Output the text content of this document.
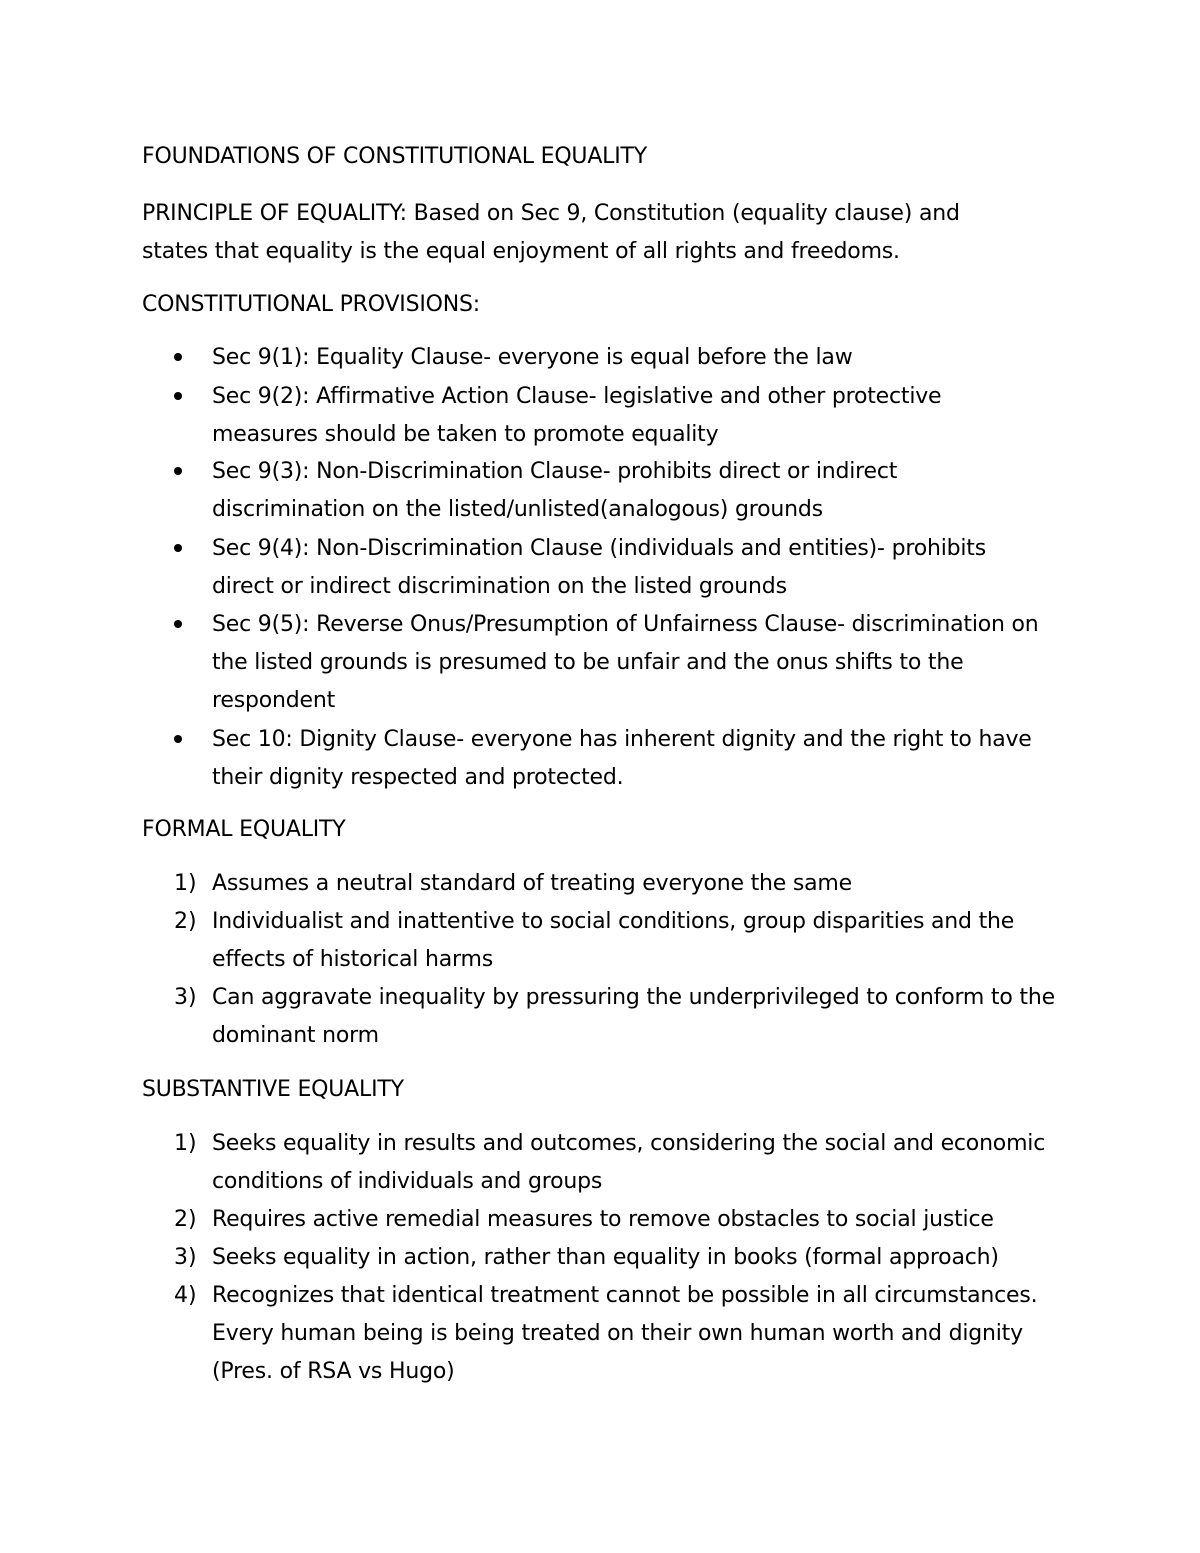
FOUNDATIONS OF CONSTITUTIONAL EQUALITY
PRINCIPLE OF EQUALITY: Based on Sec 9, Constitution (equality clause) and
states that equality is the equal enjoyment of all rights and freedoms.
CONSTITUTIONAL PROVISIONS:
Sec 9(1): Equality Clause- everyone is equal before the law
Sec 9(2): Affirmative Action Clause- legislative and other protective
measures should be taken to promote equality
Sec 9(3): Non-Discrimination Clause- prohibits direct or indirect
discrimination on the listed/unlisted(analogous) grounds
Sec 9(4): Non-Discrimination Clause (individuals and entities)- prohibits
direct or indirect discrimination on the listed grounds
Sec 9(5): Reverse Onus/Presumption of Unfairness Clause- discrimination on
the listed grounds is presumed to be unfair and the onus shifts to the
respondent
Sec 10: Dignity Clause- everyone has inherent dignity and the right to have
their dignity respected and protected.
FORMAL EQUALITY
1) Assumes a neutral standard of treating everyone the same
2) Individualist and inattentive to social conditions, group disparities and the
effects of historical harms
3) Can aggravate inequality by pressuring the underprivileged to conform to the
dominant norm
SUBSTANTIVE EQUALITY
1) Seeks equality in results and outcomes, considering the social and economic
conditions of individuals and groups
2) Requires active remedial measures to remove obstacles to social justice
3) Seeks equality in action, rather than equality in books (formal approach)
4) Recognizes that identical treatment cannot be possible in all circumstances.
Every human being is being treated on their own human worth and dignity
(Pres. of RSA vs Hugo)
